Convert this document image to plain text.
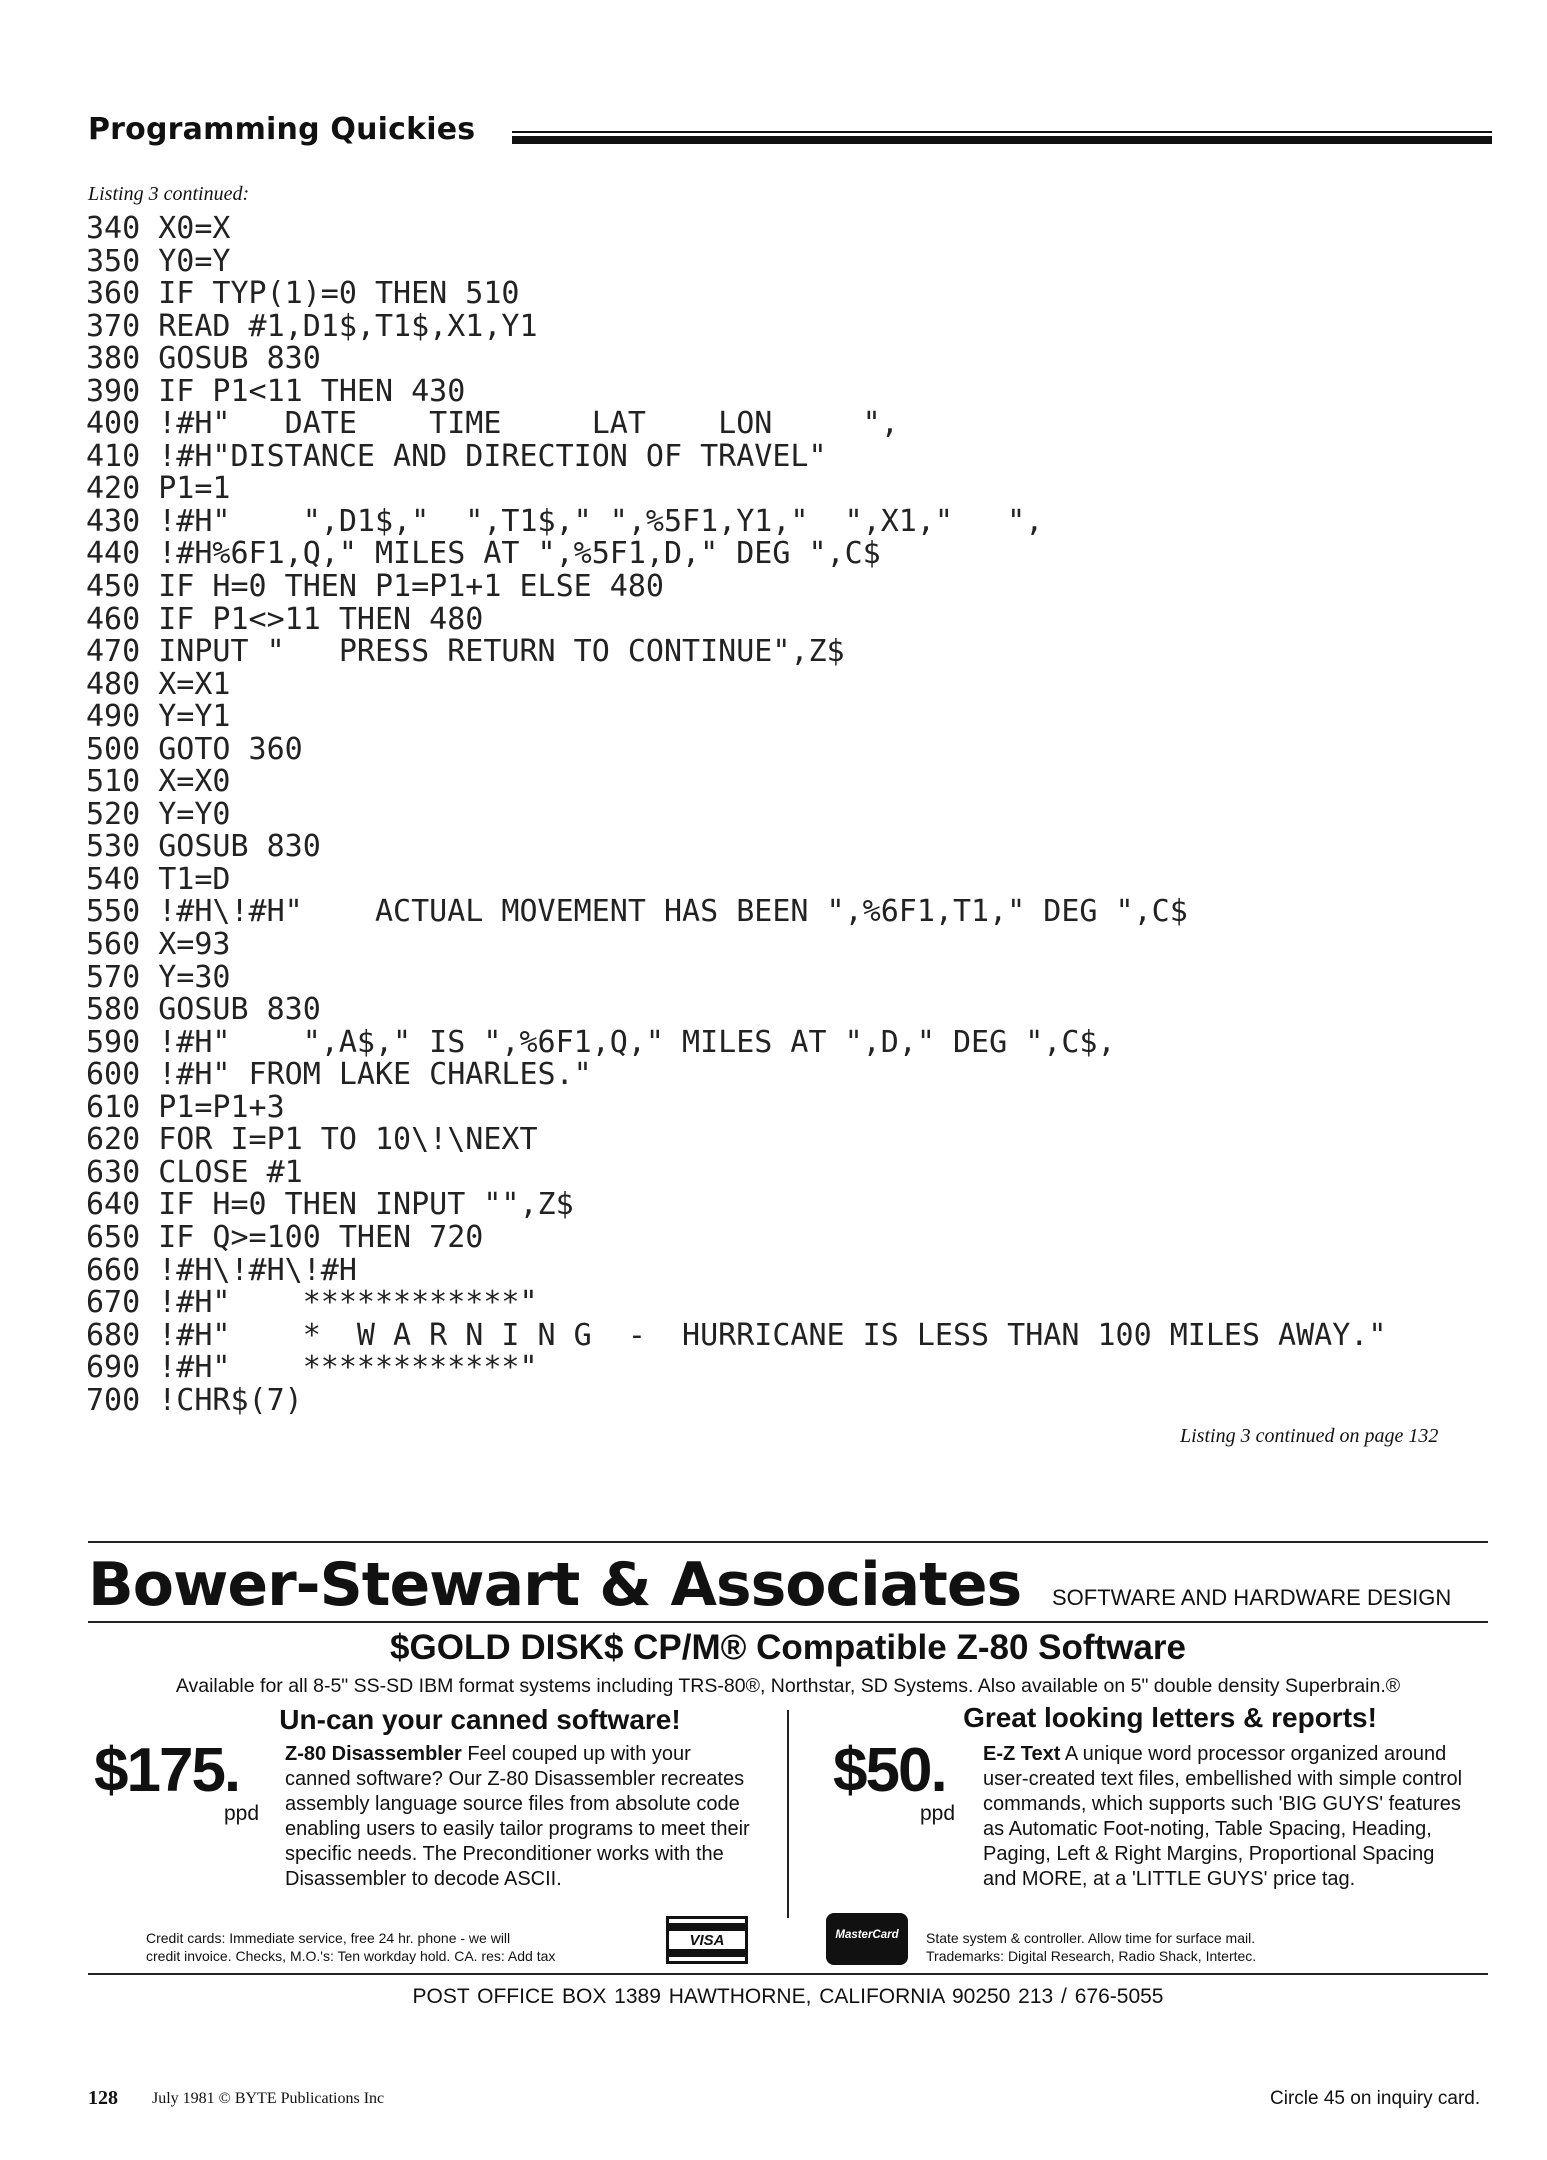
Programming Quickies
Listing 3 continued:
340 X0=X
350 Y0=Y
360 IF TYP(1)=0 THEN 510
370 READ #1,D1$,T1$,X1,Y1
380 GOSUB 830
390 IF P1<11 THEN 430
400 !#H"   DATE    TIME     LAT    LON     ",
410 !#H"DISTANCE AND DIRECTION OF TRAVEL"
420 P1=1
430 !#H"    ",D1$,"  ",T1$," ",%5F1,Y1,"  ",X1,"   ",
440 !#H%6F1,Q," MILES AT ",%5F1,D," DEG ",C$
450 IF H=0 THEN P1=P1+1 ELSE 480
460 IF P1<>11 THEN 480
470 INPUT "   PRESS RETURN TO CONTINUE",Z$
480 X=X1
490 Y=Y1
500 GOTO 360
510 X=X0
520 Y=Y0
530 GOSUB 830
540 T1=D
550 !#H\!#H"    ACTUAL MOVEMENT HAS BEEN ",%6F1,T1," DEG ",C$
560 X=93
570 Y=30
580 GOSUB 830
590 !#H"    ",A$," IS ",%6F1,Q," MILES AT ",D," DEG ",C$,
600 !#H" FROM LAKE CHARLES."
610 P1=P1+3
620 FOR I=P1 TO 10\!\NEXT
630 CLOSE #1
640 IF H=0 THEN INPUT "",Z$
650 IF Q>=100 THEN 720
660 !#H\!#H\!#H
670 !#H"    ************"
680 !#H"    *  W A R N I N G  -  HURRICANE IS LESS THAN 100 MILES AWAY."
690 !#H"    ************"
700 !CHR$(7)
Listing 3 continued on page 132
Bower-Stewart & Associates SOFTWARE AND HARDWARE DESIGN
$GOLD DISK$ CP/M® Compatible Z-80 Software
Available for all 8-5" SS-SD IBM format systems including TRS-80®, Northstar, SD Systems. Also available on 5" double density Superbrain.®
Un-can your canned software!	Great looking letters & reports!
$175.
ppd
Z-80 Disassembler Feel couped up with your canned software? Our Z-80 Disassembler recreates assembly language source files from absolute code enabling users to easily tailor programs to meet their specific needs. The Preconditioner works with the Disassembler to decode ASCII.
$50.
ppd
E-Z Text A unique word processor organized around user-created text files, embellished with simple control commands, which supports such 'BIG GUYS' features as Automatic Foot-noting, Table Spacing, Heading, Paging, Left & Right Margins, Proportional Spacing and MORE, at a 'LITTLE GUYS' price tag.
Credit cards: Immediate service, free 24 hr. phone - we will
credit invoice. Checks, M.O.'s: Ten workday hold. CA. res: Add tax
VISA	MasterCard	State system & controller. Allow time for surface mail.
Trademarks: Digital Research, Radio Shack, Intertec.
POST OFFICE BOX 1389 HAWTHORNE, CALIFORNIA 90250 213 / 676-5055
128 July 1981 © BYTE Publications Inc	Circle 45 on inquiry card.
